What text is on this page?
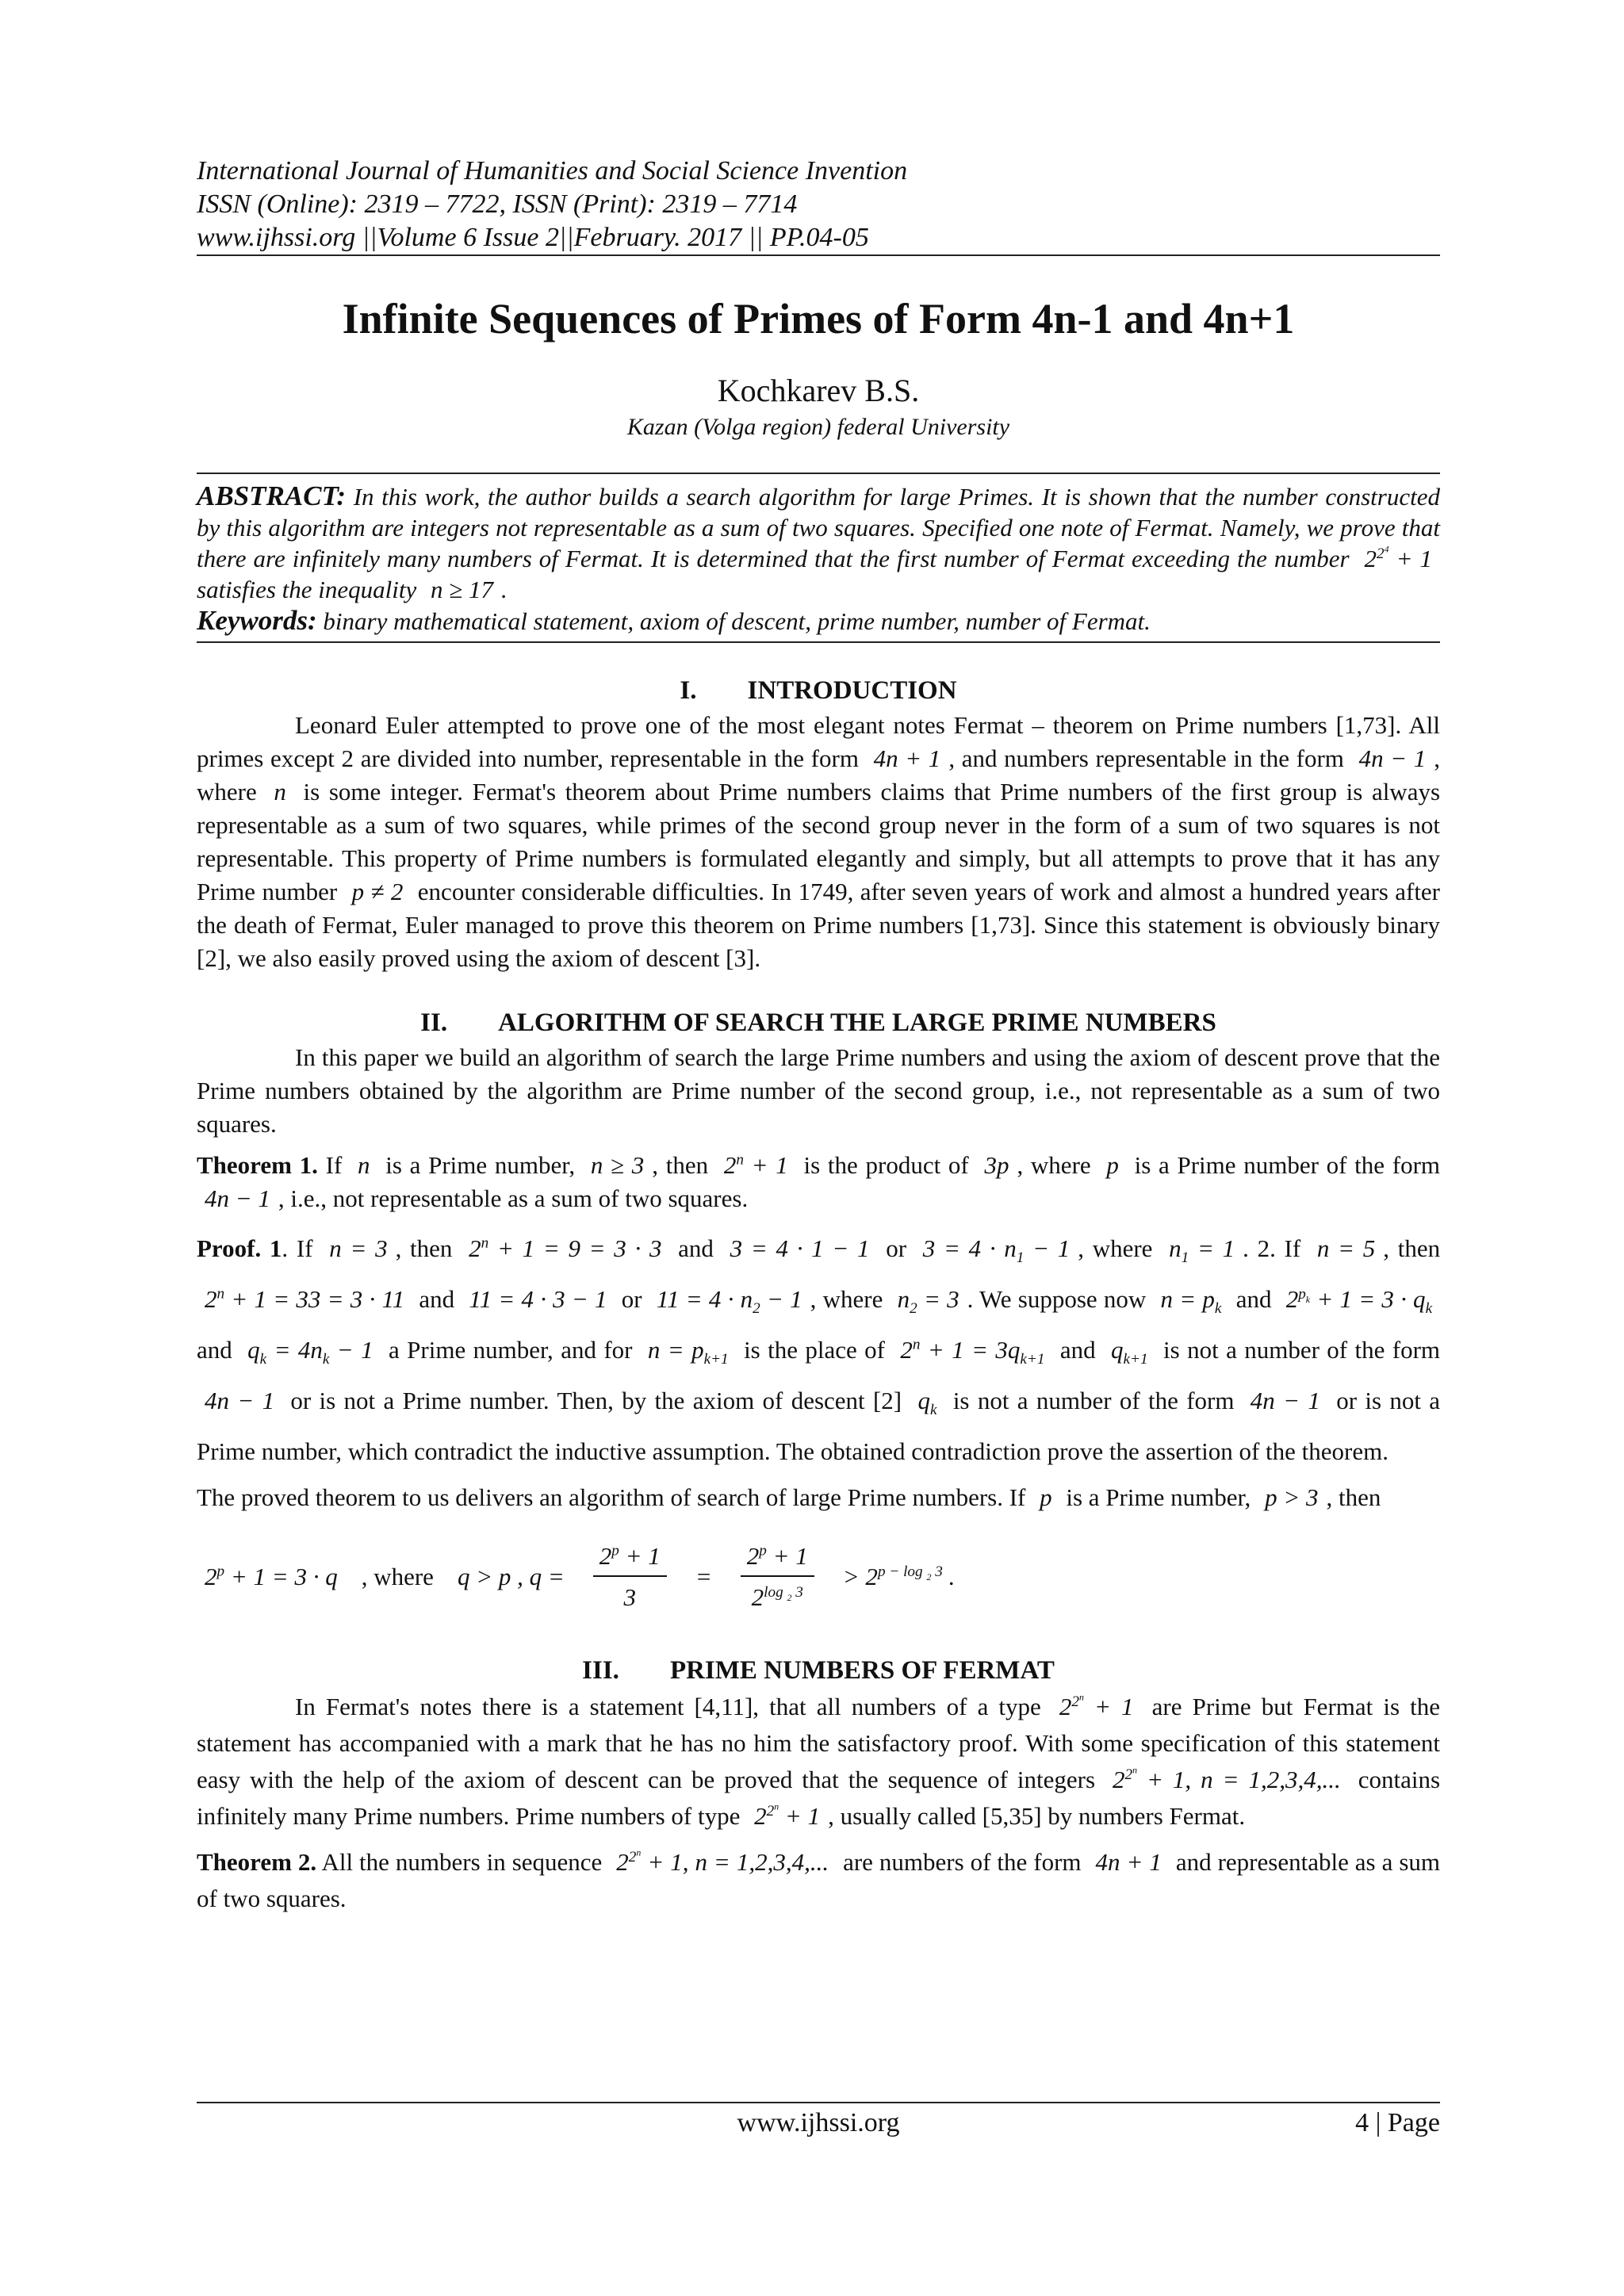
International Journal of Humanities and Social Science Invention
ISSN (Online): 2319 – 7722, ISSN (Print): 2319 – 7714
www.ijhssi.org ||Volume 6 Issue 2||February. 2017 || PP.04-05
Infinite Sequences of Primes of Form 4n-1 and 4n+1
Kochkarev B.S.
Kazan (Volga region) federal University
ABSTRACT: In this work, the author builds a search algorithm for large Primes. It is shown that the number constructed by this algorithm are integers not representable as a sum of two squares. Specified one note of Fermat. Namely, we prove that there are infinitely many numbers of Fermat. It is determined that the first number of Fermat exceeding the number $2^{2^4} + 1$ satisfies the inequality n ≥ 17 .
Keywords: binary mathematical statement, axiom of descent, prime number, number of Fermat.
I. INTRODUCTION

Leonard Euler attempted to prove one of the most elegant notes Fermat – theorem on Prime numbers [1,73]. All primes except 2 are divided into number, representable in the form 4n + 1 , and numbers representable in the form 4n − 1 , where n is some integer. Fermat's theorem about Prime numbers claims that Prime numbers of the first group is always representable as a sum of two squares, while primes of the second group never in the form of a sum of two squares is not representable. This property of Prime numbers is formulated elegantly and simply, but all attempts to prove that it has any Prime number p ≠ 2 encounter considerable difficulties. In 1749, after seven years of work and almost a hundred years after the death of Fermat, Euler managed to prove this theorem on Prime numbers [1,73]. Since this statement is obviously binary [2], we also easily proved using the axiom of descent [3].

II. ALGORITHM OF SEARCH THE LARGE PRIME NUMBERS

In this paper we build an algorithm of search the large Prime numbers and using the axiom of descent prove that the Prime numbers obtained by the algorithm are Prime number of the second group, i.e., not representable as a sum of two squares.

Theorem 1. If n is a Prime number, n ≥ 3 , then $2^n + 1$ is the product of 3p , where p is a Prime number of the form 4n − 1 , i.e., not representable as a sum of two squares.

Proof. 1. If n = 3 , then $2^n + 1 = 9 = 3 \cdot 3$ and 3 = 4 · 1 − 1 or $3 = 4 \cdot n_1 - 1$ , where $n_1 = 1$ . 2. If n = 5 , then $2^n + 1 = 33 = 3 \cdot 11$ and 11 = 4 · 3 − 1 or $11 = 4 \cdot n_2 - 1$ , where $n_2 = 3$ . We suppose now $n = p_k$ and $2^{p_k} + 1 = 3 \cdot q_k$ and $q_k = 4n_k - 1$ a Prime number, and for $n = p_{k+1}$ is the place of $2^n + 1 = 3q_{k+1}$ and $q_{k+1}$ is not a number of the form 4n − 1 or is not a Prime number. Then, by the axiom of descent [2] $q_k$ is not a number of the form 4n − 1 or is not a Prime number, which contradict the inductive assumption. The obtained contradiction prove the assertion of the theorem.

The proved theorem to us delivers an algorithm of search of large Prime numbers. If p is a Prime number, p > 3 , then

$2^p + 1 = 3 \cdot q$ , where q > p , $q = \frac{2^p + 1}{3} = \frac{2^p + 1}{2^{log _2 3}} > 2^{p - log _2 3}$ .
III. PRIME NUMBERS OF FERMAT

In Fermat's notes there is a statement [4,11], that all numbers of a type $2^{2^n} + 1$ are Prime but Fermat is the statement has accompanied with a mark that he has no him the satisfactory proof. With some specification of this statement easy with the help of the axiom of descent can be proved that the sequence of integers $2^{2^n} + 1$, n = 1,2,3,4,... contains infinitely many Prime numbers. Prime numbers of type $2^{2^n} + 1$ , usually called [5,35] by numbers Fermat.

Theorem 2. All the numbers in sequence $2^{2^n} + 1$, n = 1,2,3,4,... are numbers of the form 4n + 1 and representable as a sum of two squares.

www.ijhssi.org	4 | Page
